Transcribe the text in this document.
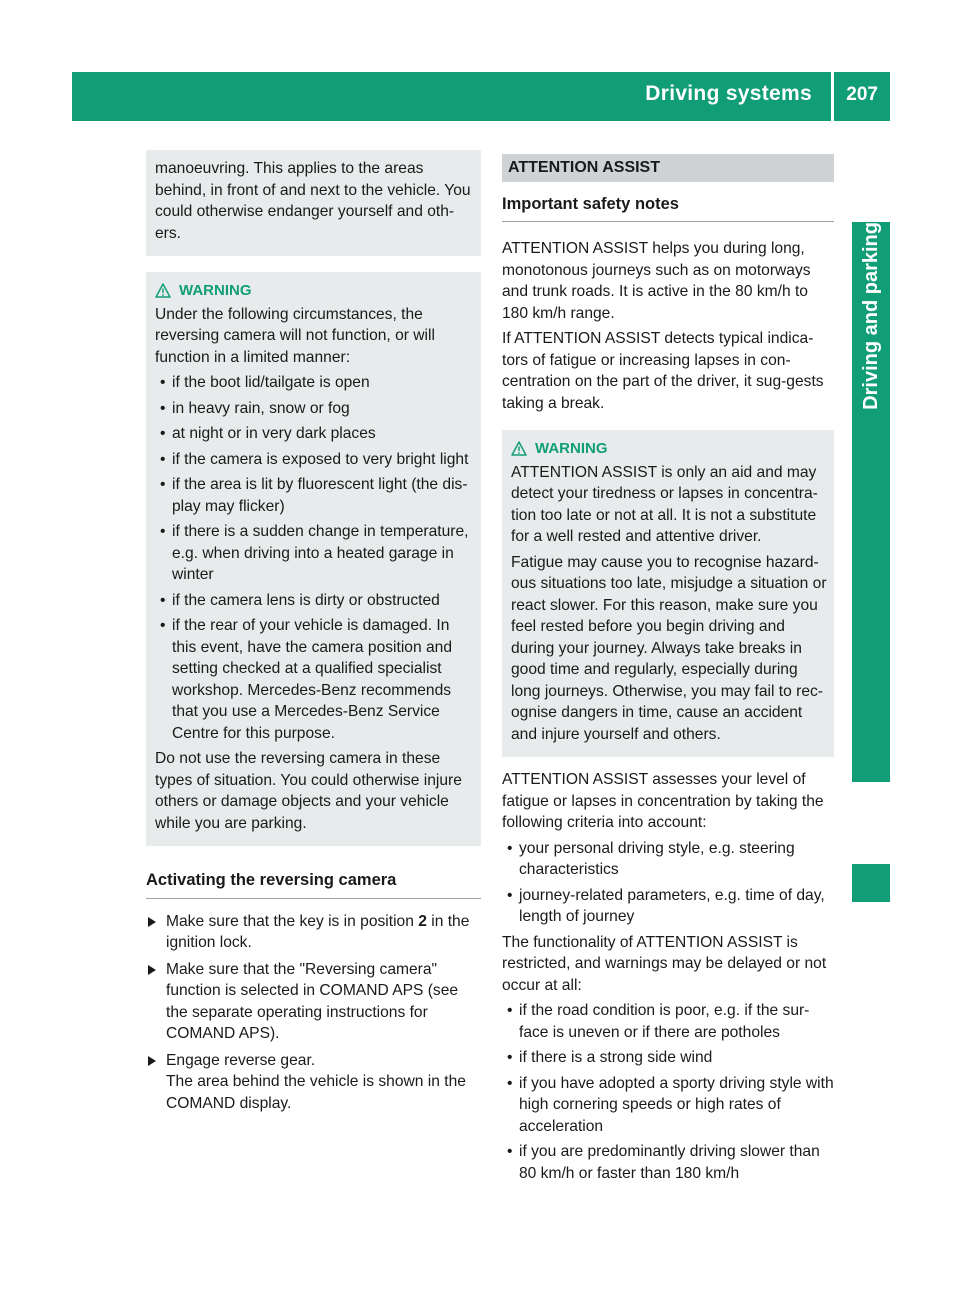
Driving systems 207
Driving and parking

manoeuvring. This applies to the areas behind, in front of and next to the vehicle. You could otherwise endanger yourself and oth-ers.

WARNING

Under the following circumstances, the reversing camera will not function, or will function in a limited manner:

• if the boot lid/tailgate is open
• in heavy rain, snow or fog
• at night or in very dark places
• if the camera is exposed to very bright light
• if the area is lit by fluorescent light (the dis-play may flicker)
• if there is a sudden change in temperature, e.g. when driving into a heated garage in winter
• if the camera lens is dirty or obstructed
• if the rear of your vehicle is damaged. In this event, have the camera position and setting checked at a qualified specialist workshop. Mercedes-Benz recommends that you use a Mercedes-Benz Service Centre for this purpose.

Do not use the reversing camera in these types of situation. You could otherwise injure others or damage objects and your vehicle while you are parking.

Activating the reversing camera
Make sure that the key is in position 2 in the ignition lock.
Make sure that the "Reversing camera" function is selected in COMAND APS (see the separate operating instructions for COMAND APS).
Engage reverse gear.
The area behind the vehicle is shown in the COMAND display.
ATTENTION ASSIST
Important safety notes

ATTENTION ASSIST helps you during long, monotonous journeys such as on motorways and trunk roads. It is active in the 80 km/h to 180 km/h range.

If ATTENTION ASSIST detects typical indica-tors of fatigue or increasing lapses in con-centration on the part of the driver, it sug-gests taking a break.

WARNING

ATTENTION ASSIST is only an aid and may detect your tiredness or lapses in concentra-tion too late or not at all. It is not a substitute for a well rested and attentive driver.

Fatigue may cause you to recognise hazard-ous situations too late, misjudge a situation or react slower. For this reason, make sure you feel rested before you begin driving and during your journey. Always take breaks in good time and regularly, especially during long journeys. Otherwise, you may fail to rec-ognise dangers in time, cause an accident and injure yourself and others.

ATTENTION ASSIST assesses your level of fatigue or lapses in concentration by taking the following criteria into account:

• your personal driving style, e.g. steering characteristics
• journey-related parameters, e.g. time of day, length of journey

The functionality of ATTENTION ASSIST is restricted, and warnings may be delayed or not occur at all:

• if the road condition is poor, e.g. if the sur-face is uneven or if there are potholes
• if there is a strong side wind
• if you have adopted a sporty driving style with high cornering speeds or high rates of acceleration
• if you are predominantly driving slower than 80 km/h or faster than 180 km/h
